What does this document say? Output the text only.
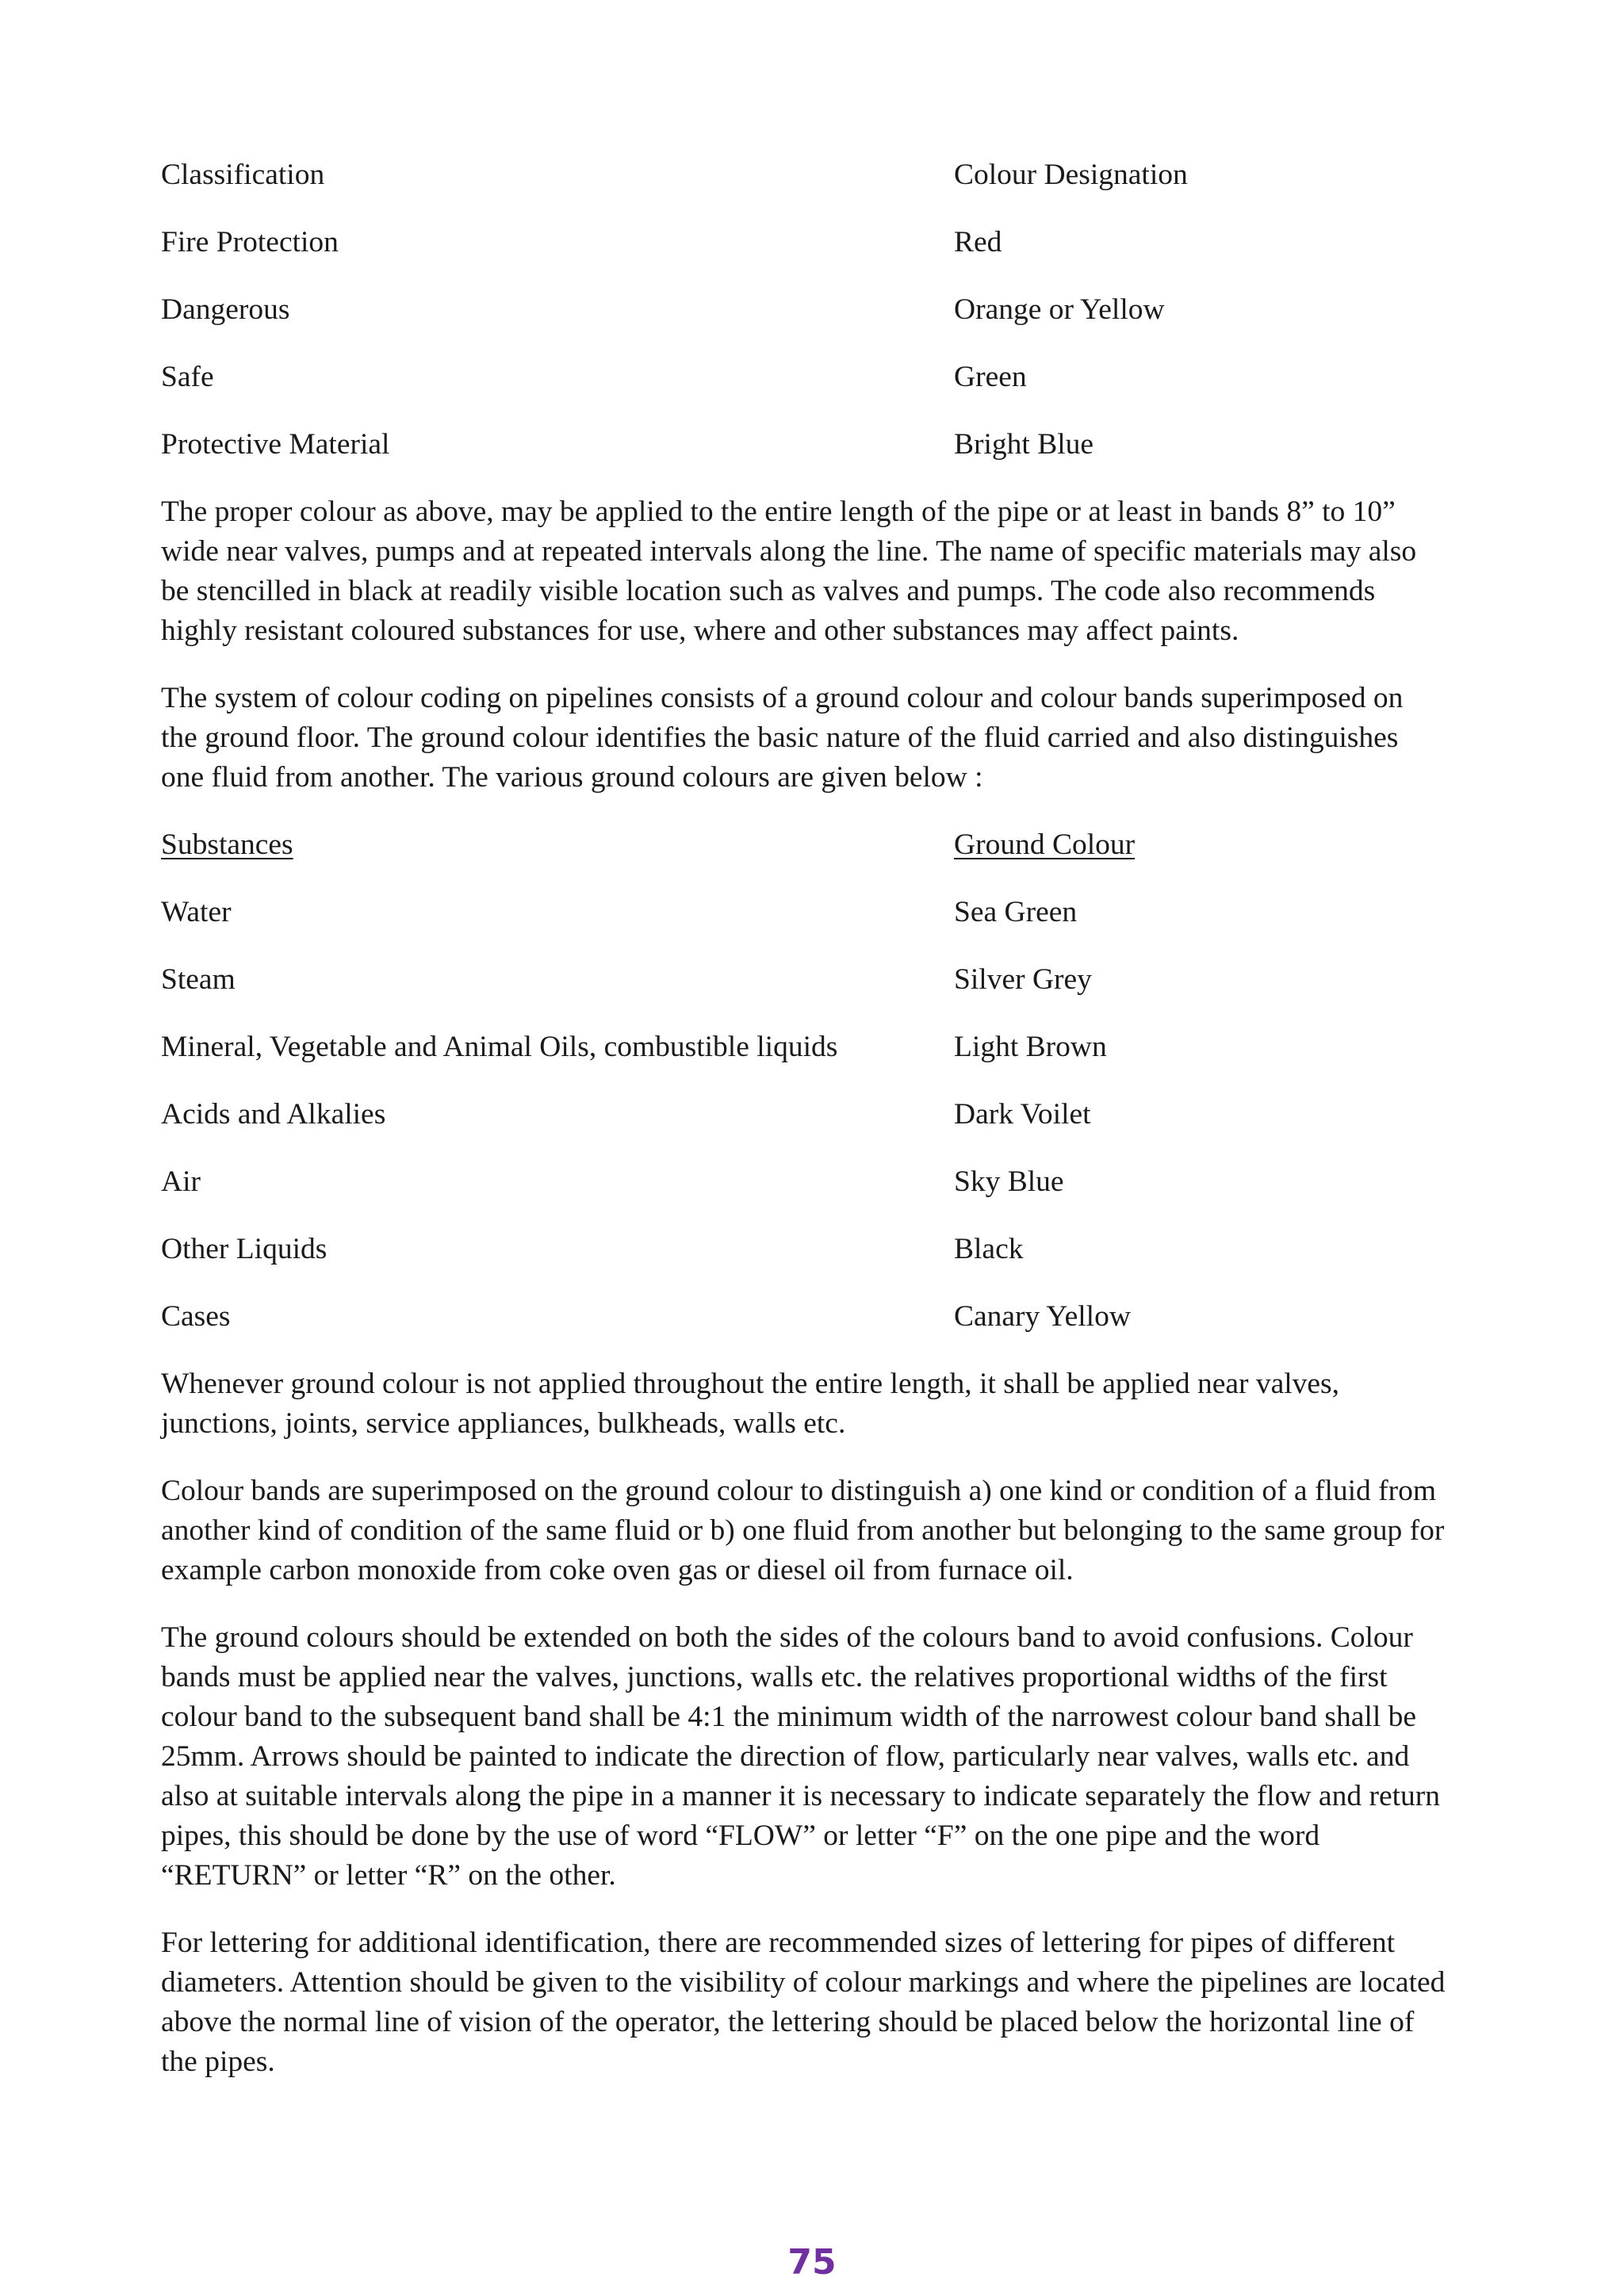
Classification	Colour Designation
Fire Protection	Red
Dangerous	Orange or Yellow
Safe	Green
Protective Material	Bright Blue

The proper colour as above, may be applied to the entire length of the pipe or at least in bands 8” to 10” wide near valves, pumps and at repeated intervals along the line. The name of specific materials may also be stencilled in black at readily visible location such as valves and pumps. The code also recommends highly resistant coloured substances for use, where and other substances may affect paints.

The system of colour coding on pipelines consists of a ground colour and colour bands superimposed on the ground floor. The ground colour identifies the basic nature of the fluid carried and also distinguishes one fluid from another. The various ground colours are given below :

Substances	Ground Colour
Water	Sea Green
Steam	Silver Grey
Mineral, Vegetable and Animal Oils, combustible liquids	Light Brown
Acids and Alkalies	Dark Voilet
Air	Sky Blue
Other Liquids	Black
Cases	Canary Yellow

Whenever ground colour is not applied throughout the entire length, it shall be applied near valves, junctions, joints, service appliances, bulkheads, walls etc.

Colour bands are superimposed on the ground colour to distinguish a) one kind or condition of a fluid from another kind of condition of the same fluid or b) one fluid from another but belonging to the same group for example carbon monoxide from coke oven gas or diesel oil from furnace oil.

The ground colours should be extended on both the sides of the colours band to avoid confusions. Colour bands must be applied near the valves, junctions, walls etc. the relatives proportional widths of the first colour band to the subsequent band shall be 4:1 the minimum width of the narrowest colour band shall be 25mm. Arrows should be painted to indicate the direction of flow, particularly near valves, walls etc. and also at suitable intervals along the pipe in a manner it is necessary to indicate separately the flow and return pipes, this should be done by the use of word “FLOW” or letter “F” on the one pipe and the word “RETURN” or letter “R” on the other.

For lettering for additional identification, there are recommended sizes of lettering for pipes of different diameters. Attention should be given to the visibility of colour markings and where the pipelines are located above the normal line of vision of the operator, the lettering should be placed below the horizontal line of the pipes.

75
